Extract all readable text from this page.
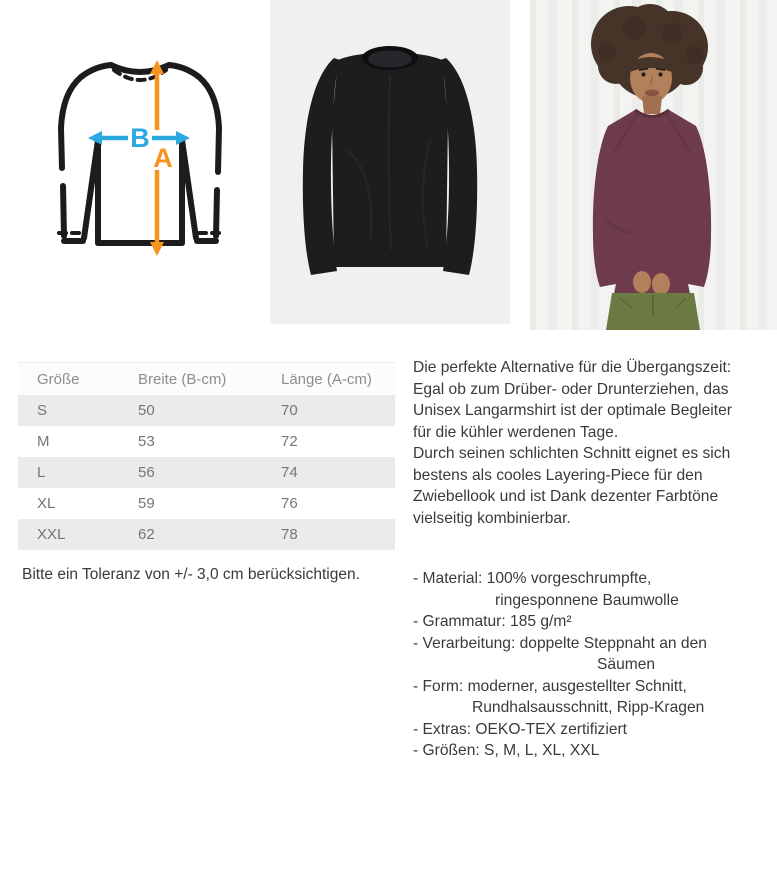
B
A
Größe	Breite (B-cm)	Länge (A-cm)
S	50	70
M	53	72
L	56	74
XL	59	76
XXL	62	78
Bitte ein Toleranz von +/- 3,0 cm berücksichtigen.
Die perfekte Alternative für die Übergangszeit:
Egal ob zum Drüber- oder Drunterziehen, das
Unisex Langarmshirt ist der optimale Begleiter
für die kühler werdenen Tage.
Durch seinen schlichten Schnitt eignet es sich
bestens als cooles Layering-Piece für den
Zwiebellook und ist Dank dezenter Farbtöne
vielseitig kombinierbar.
- Material: 100% vorgeschrumpfte,
ringesponnene Baumwolle
- Grammatur: 185 g/m²
- Verarbeitung: doppelte Steppnaht an den
Säumen
- Form: moderner, ausgestellter Schnitt,
Rundhalsausschnitt, Ripp-Kragen
- Extras: OEKO-TEX zertifiziert
- Größen: S, M, L, XL, XXL
